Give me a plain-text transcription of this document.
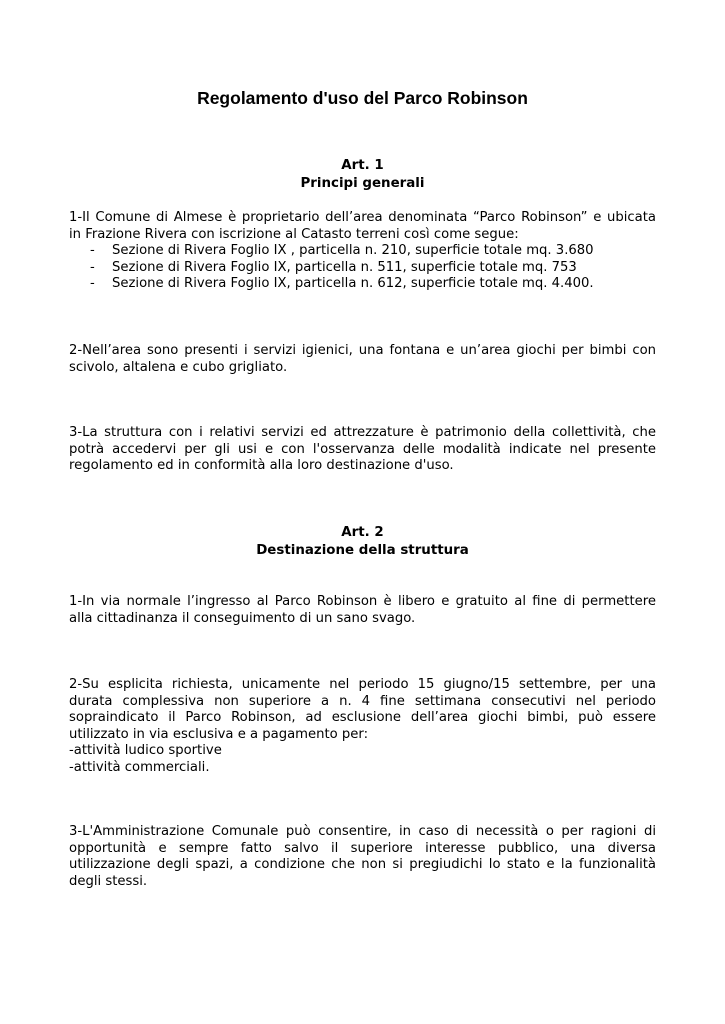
Regolamento d'uso del Parco Robinson
Art. 1
Principi generali

1-Il Comune di Almese è proprietario dell’area denominata “Parco Robinson” e ubicata
in Frazione Rivera con iscrizione al Catasto terreni così come segue:

- Sezione di Rivera Foglio IX , particella n. 210, superficie totale mq. 3.680
- Sezione di Rivera Foglio IX, particella n. 511, superficie totale mq. 753
- Sezione di Rivera Foglio IX, particella n. 612, superficie totale mq. 4.400.

2-Nell’area sono presenti i servizi igienici, una fontana e un’area giochi per bimbi con
scivolo, altalena e cubo grigliato.

3-La struttura con i relativi servizi ed attrezzature è patrimonio della collettività, che
potrà accedervi per gli usi e con l'osservanza delle modalità indicate nel presente
regolamento ed in conformità alla loro destinazione d'uso.

Art. 2
Destinazione della struttura

1-In via normale l’ingresso al Parco Robinson è libero e gratuito al fine di permettere
alla cittadinanza il conseguimento di un sano svago.

2-Su esplicita richiesta, unicamente nel periodo 15 giugno/15 settembre, per una
durata complessiva non superiore a n. 4 fine settimana consecutivi nel periodo
sopraindicato il Parco Robinson, ad esclusione dell’area giochi bimbi, può essere
utilizzato in via esclusiva e a pagamento per:
-attività ludico sportive
-attività commerciali.

3-L'Amministrazione Comunale può consentire, in caso di necessità o per ragioni di
opportunità e sempre fatto salvo il superiore interesse pubblico, una diversa
utilizzazione degli spazi, a condizione che non si pregiudichi lo stato e la funzionalità
degli stessi.
